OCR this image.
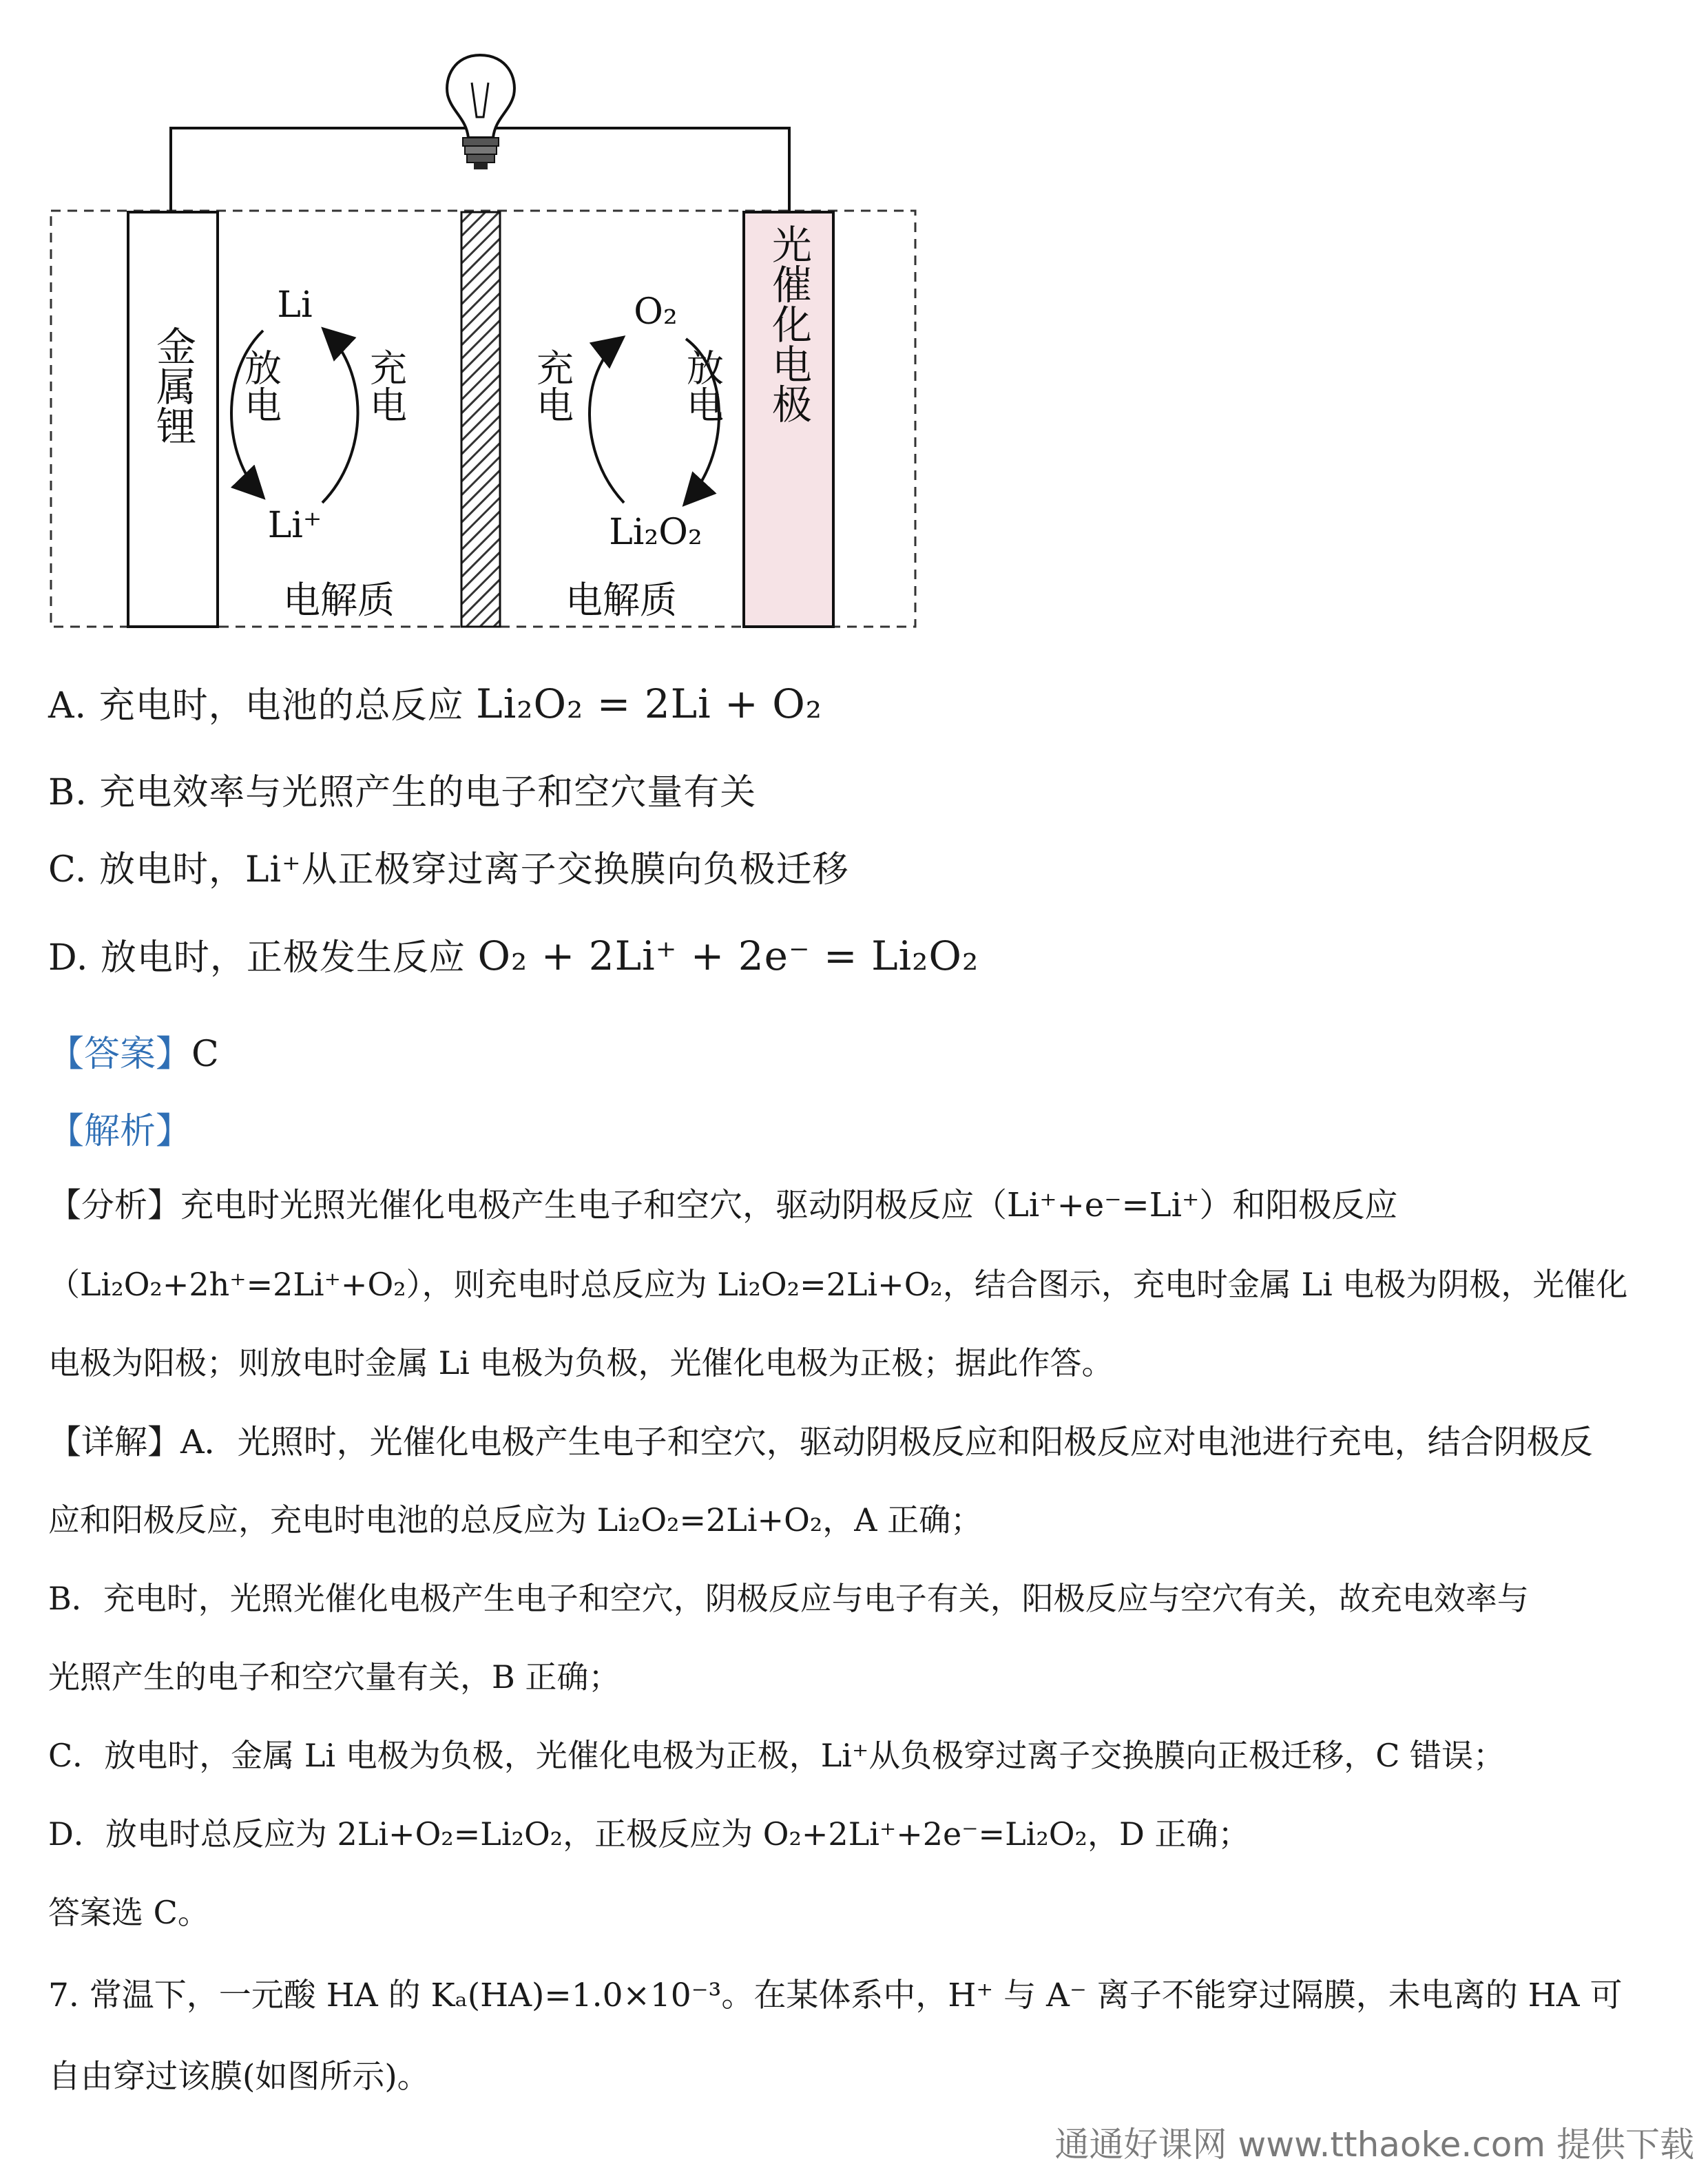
金属锂	光催化电极
Li
Li⁺
放电 充电
O₂
Li₂O₂
充电	放电
电解质	电解质
A. 充电时，电池的总反应 Li₂O₂ = 2Li + O₂
B. 充电效率与光照产生的电子和空穴量有关
C. 放电时，Li⁺从正极穿过离子交换膜向负极迁移
D. 放电时，正极发生反应 O₂ + 2Li⁺ + 2e⁻ = Li₂O₂
【答案】C
【解析】
【分析】充电时光照光催化电极产生电子和空穴，驱动阴极反应（Li⁺+e⁻=Li⁺）和阳极反应
（Li₂O₂+2h⁺=2Li⁺+O₂），则充电时总反应为 Li₂O₂=2Li+O₂，结合图示，充电时金属 Li 电极为阴极，光催化
电极为阳极；则放电时金属 Li 电极为负极，光催化电极为正极；据此作答。
【详解】A．光照时，光催化电极产生电子和空穴，驱动阴极反应和阳极反应对电池进行充电，结合阴极反
应和阳极反应，充电时电池的总反应为 Li₂O₂=2Li+O₂，A 正确；
B．充电时，光照光催化电极产生电子和空穴，阴极反应与电子有关，阳极反应与空穴有关，故充电效率与
光照产生的电子和空穴量有关，B 正确；
C．放电时，金属 Li 电极为负极，光催化电极为正极，Li⁺从负极穿过离子交换膜向正极迁移，C 错误；
D．放电时总反应为 2Li+O₂=Li₂O₂，正极反应为 O₂+2Li⁺+2e⁻=Li₂O₂，D 正确；
答案选 C。
7. 常温下，一元酸 HA 的 Kₐ(HA)=1.0×10⁻³。在某体系中，H⁺ 与 A⁻ 离子不能穿过隔膜，未电离的 HA 可
自由穿过该膜(如图所示)。
通通好课网 www.tthaoke.com 提供下载
